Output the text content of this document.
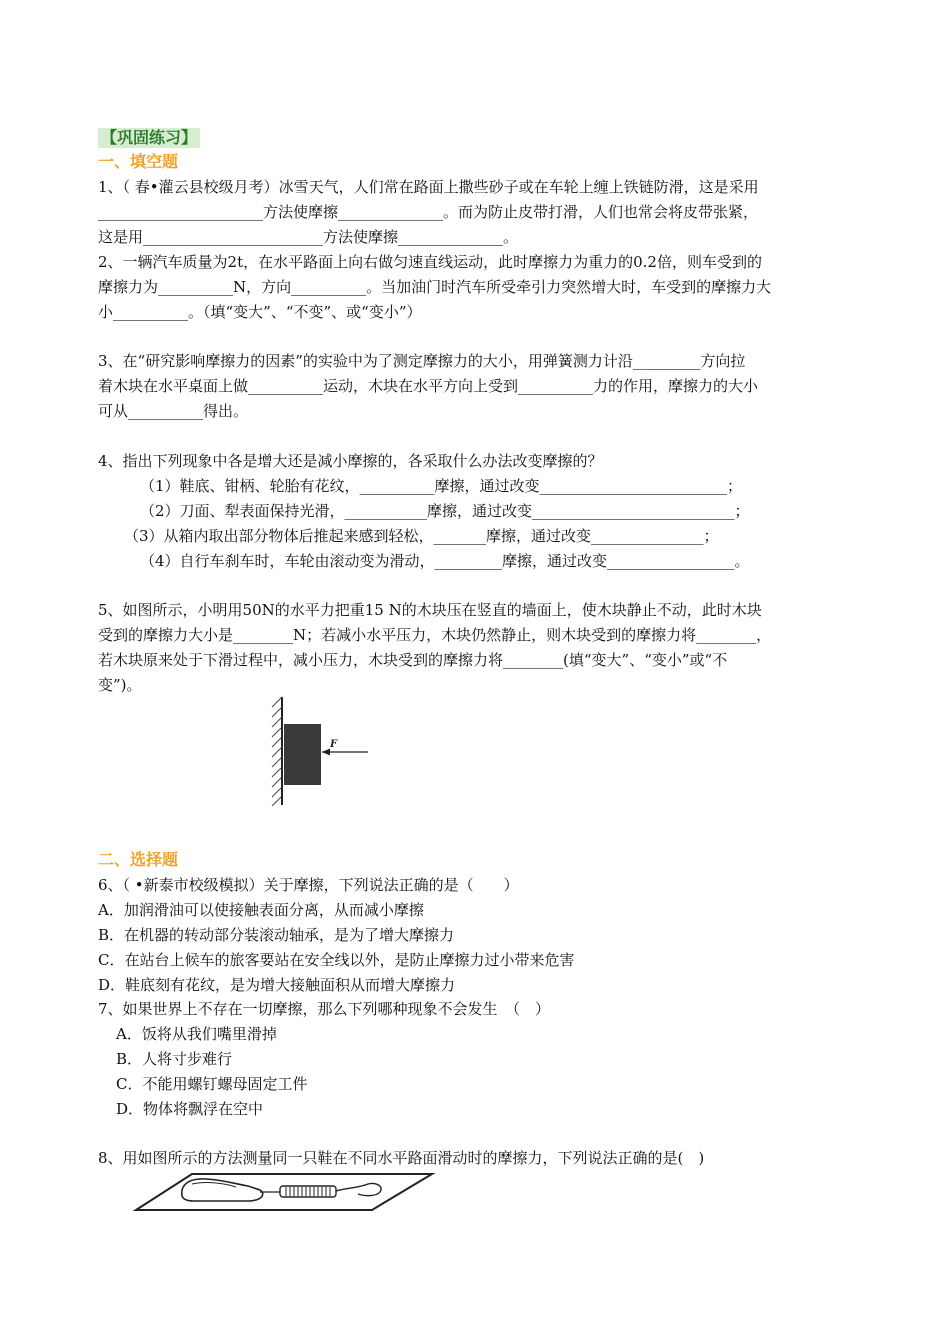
【巩固练习】
一、填空题
1、（ 春•灌云县校级月考）冰雪天气，人们常在路面上撒些砂子或在车轮上缠上铁链防滑，这是采用
______________________方法使摩擦______________。而为防止皮带打滑，人们也常会将皮带张紧，
这是用________________________方法使摩擦______________。
2、一辆汽车质量为2t，在水平路面上向右做匀速直线运动，此时摩擦力为重力的0.2倍，则车受到的
摩擦力为__________N，方向__________。当加油门时汽车所受牵引力突然增大时，车受到的摩擦力大
小__________。（填“变大”、“不变”、或“变小”）
3、在“研究影响摩擦力的因素”的实验中为了测定摩擦力的大小，用弹簧测力计沿_________方向拉
着木块在水平桌面上做__________运动，木块在水平方向上受到__________力的作用，摩擦力的大小
可从__________得出。
4、指出下列现象中各是增大还是减小摩擦的，各采取什么办法改变摩擦的？
（1）鞋底、钳柄、轮胎有花纹，__________摩擦，通过改变_________________________；
（2）刀面、犁表面保持光滑，___________摩擦，通过改变___________________________；
（3）从箱内取出部分物体后推起来感到轻松，_______摩擦，通过改变_______________；
（4）自行车刹车时，车轮由滚动变为滑动，_________摩擦，通过改变_________________。
5、如图所示，小明用50N的水平力把重15 N的木块压在竖直的墙面上，使木块静止不动，此时木块
受到的摩擦力大小是________N；若减小水平压力，木块仍然静止，则木块受到的摩擦力将________，
若木块原来处于下滑过程中，减小压力，木块受到的摩擦力将________(填“变大”、“变小”或“不
变”)。
F
二、选择题
6、（ •新泰市校级模拟）关于摩擦，下列说法正确的是（　　）
A．加润滑油可以使接触表面分离，从而减小摩擦
B．在机器的转动部分装滚动轴承，是为了增大摩擦力
C．在站台上候车的旅客要站在安全线以外，是防止摩擦力过小带来危害
D．鞋底刻有花纹，是为增大接触面积从而增大摩擦力
7、如果世界上不存在一切摩擦，那么下列哪种现象不会发生　（　）
A．饭将从我们嘴里滑掉
B．人将寸步难行
C．不能用螺钉螺母固定工件
D．物体将飘浮在空中
8、用如图所示的方法测量同一只鞋在不同水平路面滑动时的摩擦力，下列说法正确的是(　)
